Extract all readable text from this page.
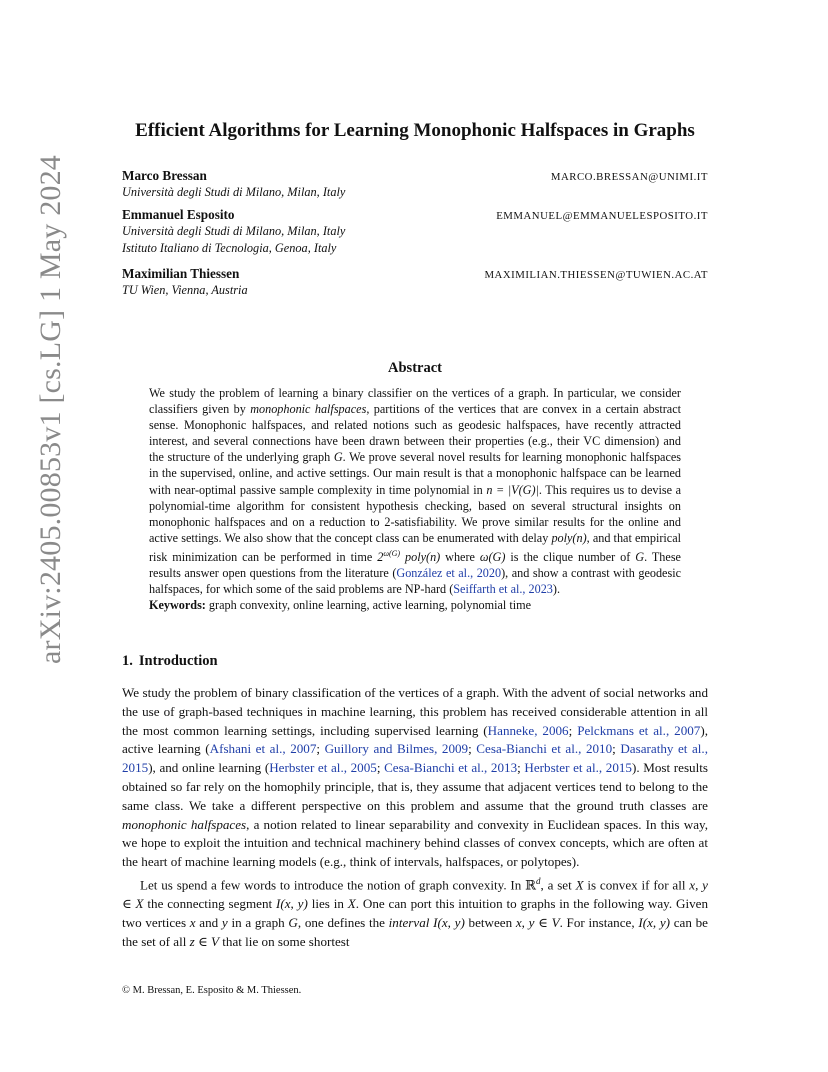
arXiv:2405.00853v1 [cs.LG] 1 May 2024
Efficient Algorithms for Learning Monophonic Halfspaces in Graphs
Marco Bressan	MARCO.BRESSAN@UNIMI.IT
Università degli Studi di Milano, Milan, Italy
Emmanuel Esposito	EMMANUEL@EMMANUELESPOSITO.IT
Università degli Studi di Milano, Milan, Italy
Istituto Italiano di Tecnologia, Genoa, Italy
Maximilian Thiessen	MAXIMILIAN.THIESSEN@TUWIEN.AC.AT
TU Wien, Vienna, Austria
Abstract

We study the problem of learning a binary classifier on the vertices of a graph. In particular, we consider classifiers given by monophonic halfspaces, partitions of the vertices that are convex in a certain abstract sense. Monophonic halfspaces, and related notions such as geodesic halfspaces, have recently attracted interest, and several connections have been drawn between their properties (e.g., their VC dimension) and the structure of the underlying graph G. We prove several novel results for learning monophonic halfspaces in the supervised, online, and active settings. Our main result is that a monophonic halfspace can be learned with near-optimal passive sample complexity in time polynomial in n = |V(G)|. This requires us to devise a polynomial-time algorithm for consistent hypothesis checking, based on several structural insights on monophonic halfspaces and on a reduction to 2-satisfiability. We prove similar results for the online and active settings. We also show that the concept class can be enumerated with delay poly(n), and that empirical risk minimization can be performed in time $2^{\omega(G)}$ poly(n) where ω(G) is the clique number of G. These results answer open questions from the literature (González et al., 2020), and show a contrast with geodesic halfspaces, for which some of the said problems are NP-hard (Seiffarth et al., 2023).

Keywords: graph convexity, online learning, active learning, polynomial time

1. Introduction

We study the problem of binary classification of the vertices of a graph. With the advent of social networks and the use of graph-based techniques in machine learning, this problem has received considerable attention in all the most common learning settings, including supervised learning (Hanneke, 2006; Pelckmans et al., 2007), active learning (Afshani et al., 2007; Guillory and Bilmes, 2009; Cesa-Bianchi et al., 2010; Dasarathy et al., 2015), and online learning (Herbster et al., 2005; Cesa-Bianchi et al., 2013; Herbster et al., 2015). Most results obtained so far rely on the homophily principle, that is, they assume that adjacent vertices tend to belong to the same class. We take a different perspective on this problem and assume that the ground truth classes are monophonic halfspaces, a notion related to linear separability and convexity in Euclidean spaces. In this way, we hope to exploit the intuition and technical machinery behind classes of convex concepts, which are often at the heart of machine learning models (e.g., think of intervals, halfspaces, or polytopes).

Let us spend a few words to introduce the notion of graph convexity. In ℝ$^d$, a set X is convex if for all x, y ∈ X the connecting segment I(x, y) lies in X. One can port this intuition to graphs in the following way. Given two vertices x and y in a graph G, one defines the interval I(x, y) between x, y ∈ V. For instance, I(x, y) can be the set of all z ∈ V that lie on some shortest

© M. Bressan, E. Esposito & M. Thiessen.
